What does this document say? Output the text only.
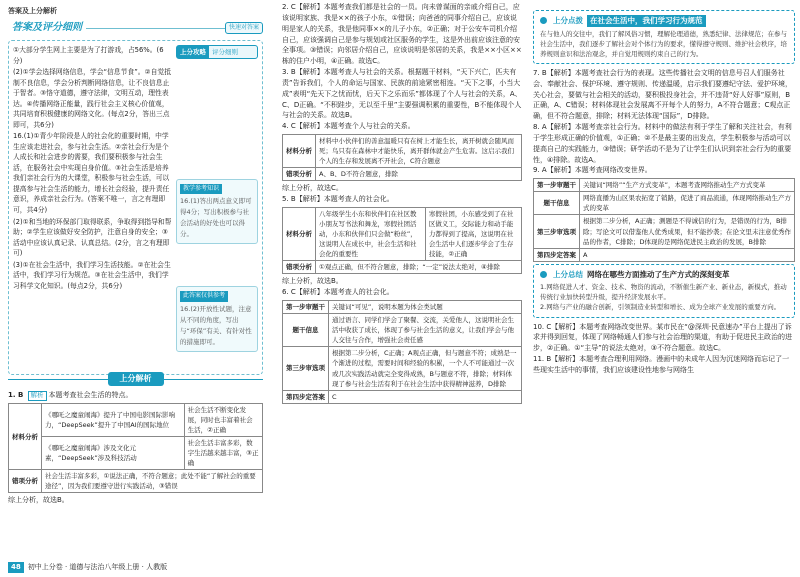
答案及上分解析
答案及评分细则	快速对答案

①大部分学生网上主要是为了打游戏，占56%。(6分)

(2)①学会选择网络信息，学会“信息节食”。②自觉抵制不良信息，学会分析判断网络信息，让不良信息止于智者。③恪守道德，遵守法律，文明互动，理性表达。④传播网络正能量，践行社会主义核心价值观，共同培育积极健康的网络文化。(每点2分，答出三点即可，共6分)

16.(1)①青少年阶段是人的社会化的重要时期，中学生应该走进社会，参与社会生活。②亲社会行为是个人成长和社会进步的需要，我们要积极参与社会生活，在服务社会中实现自身价值。③社会生活是培养我们亲社会行为的大课堂，积极参与社会生活，可以提高参与社会生活的能力，增长社会经验，提升责任意识，养成亲社会行为。(答案不唯一，言之有理即可，共4分)

(2)①和当地的环保部门取得联系，争取得到指导和帮助；②学生应该做好安全防护，注意自身的安全；③活动中应该认真记录、认真总结。(2分，言之有理即可)

(3)①在社会生活中，我们学习生活技能。②在社会生活中，我们学习行为规范。③在社会生活中，我们学习科学文化知识。(每点2分，共6分)

上分攻略 评分细则
教学参考知识
16.(1)答出两点意义即可得4分；写出积极参与社会活动的好处也可以得分。
此答案仅供参考
16.(2)开放性试题，注意从不同的角度，写出与“环保”有关、有针对性的措施即可。
上分解析
1. B 解析 本题考查社会生活的特点。
材料分析	《哪吒之魔童闹海》提升了中国电影国际影响力，“DeepSeek”提升了中国AI的国际地位	社会生活不断变化发展，同时也丰富着社会生活，②正确
	《哪吒之魔童闹海》涉及文化元素，“DeepSeek”涉及科技活动	社会生活丰富多彩，数字生活越来越丰富，③正确
错项分析	社会生活丰富多彩，①说法正确，不符合题意；此处不能“了解社会的重要途径”，因为我们要遵守进行实践活动，③错误	
综上分析，故选B。

2. C【解析】本题考查我们都是社会的一员。向未曾谋面的亲戚介绍自己，应该说明家族、我是××的孩子小东，①错误；向爸爸的同事介绍自己，应该说明是家人的关系，我是他同事××的儿子小东，②正确；对于公安车司机介绍自己，应该强调自己是参与规划或社区服务的学生，这是外出前应该注意的安全事项。③错误；向邻居介绍自己，应该说明是邻居的关系，我是××小区××栋的住户小明，④正确。故选C。

3. B【解析】本题考查人与社会的关系。根据题干材料，“天下兴亡，匹夫有责”告诉我们，个人的命运与国家、民族的前途紧密相连。“天下之事，小当大成”表明“先天下之忧而忧，后天下之乐而乐”都体现了个人与社会的关系，A、C、D正确。“不积跬步，无以至千里”主要强调积累的重要性，B不能体现个人与社会的关系。故选B。

4. C【解析】本题考查个人与社会的关系。

材料分析	材料中小伙伴们的善意温暖只有在树上才能生长，离开树就会随风而死；鸟只有在森林中才能快乐，离开群体就会产生危害。这启示我们个人的生存和发展离不开社会，C符合题意
错项分析	A、B、D不符合题意，排除

综上分析，故选C。

5. B【解析】本题考查人的社会化。

材料分析	八年级学生小东和伙伴们在社区教小朋友写书法和舞龙，寒假社团活动，小东和伙伴们只会做“粉丝”，这说明人在成长中，社会生活和社会化的重要性	寒假社团，小东感受到了在社区做义工，交际能力和动手能力都得到了提高，这说明在社会生活中人们逐步学会了生存技能，②正确
错项分析	①观点正确，但不符合题意，排除；“一定”说法太绝对，④排除	

综上分析，故选B。

6. C【解析】本题考查人的社会化。

第一步审题干	关键词“可见”，说明本题为体会类试题
题干信息	通过语言、同学们学会了聚餐、交流，关爱他人，这说明社会生活中收获了成长，体现了参与社会生活的意义，让我们学会与他人交往与合作，增强社会责任感
第三步审选项	根据第二步分析，C正确；A观点正确，但与题意不符；成熟是一个渐进的过程，需要时间和经验的积累，一个人不可能通过一次或几次实践活动就完全变得成熟，B与题意不符，排除；材料体现了参与社会生活有利于在社会生活中获得精神滋养，D排除
第四步定答案	C
上分点拨 在社会生活中，我们学习行为规范
在与他人的交往中，我们了解风俗习惯，理解伦理道德，熟悉纪律、法律规范；在参与社会生活中，我们逐步了解社会对个体行为的要求，懂得遵守规则、维护社会秩序，培养规则意识和法治观念，并自觉用规则约束自己的行为。

7. B【解析】本题考查社会行为的表现。这些传播社会文明的信息号召人们服务社会、奉献社会、保护环境、遵守规则、传递温暖，启示我们要遵纪守法、爱护环境，关心社会，要做与社会相关的活动，要积极投身社会，并不违背“好人好事”原则，B正确，A、C错误；材料体现社会发展离不开每个人的努力，A不符合题意；C观点正确，但不符合题意，排除；材料无法体现“国际”，D排除。

8. A【解析】本题考查亲社会行为。材料中的做法有利于学生了解和关注社会，有利于学生形成正确的价值观，①正确；②不是最主要的出发点，学生积极参与活动可以提高自己的实践能力，③错误；研学活动不是为了让学生们认识到亲社会行为的重要性，④排除。故选A。

9. A【解析】本题考查网络改变世界。

第一步审题干	关键词“网络”“生产方式变革”，本题考查网络推动生产方式变革
题干信息	网络直播为山区果农拓宽了销路，促进了商品流通，体现网络推动生产方式的变革
第三步审选项	根据第二步分析，A正确；测题是不得诚信的行为，是错误的行为，B排除；写论文可以借鉴他人优秀成果，但不能抄袭；在论文里未注意优秀作品的作者，C排除；D体现的是网络促进民主政治的发展，B排除
第四步定答案	A
上分总结 网络在哪些方面推动了生产方式的深刻变革
1.网络促进人才、资金、技术、物资的流动，不断催生新产业、新业态，新模式，推动传统行业加快转型升级，提升经济发展水平。
2.网络与产业的融合创新，引领制造业转型和增长、成为全球产业发展的重要方向。

10. C【解析】本题考查网络改变世界。某市民在“@深圳·民意速办”平台上提出了诉求并得到回复，体现了网络畅通人们参与社会治理的渠道，有助于促进民主政治的进步，②正确。①“主导”的说法太绝对，③不符合题意。故选C。

11. B【解析】本题考查合理利用网络。漫画中的未成年人因为沉迷网络而忘记了一些现实生活中的事情，我们应该建设性地参与网络生

48	初中上分卷 · 道德与法治八年级上册 · 人教版
